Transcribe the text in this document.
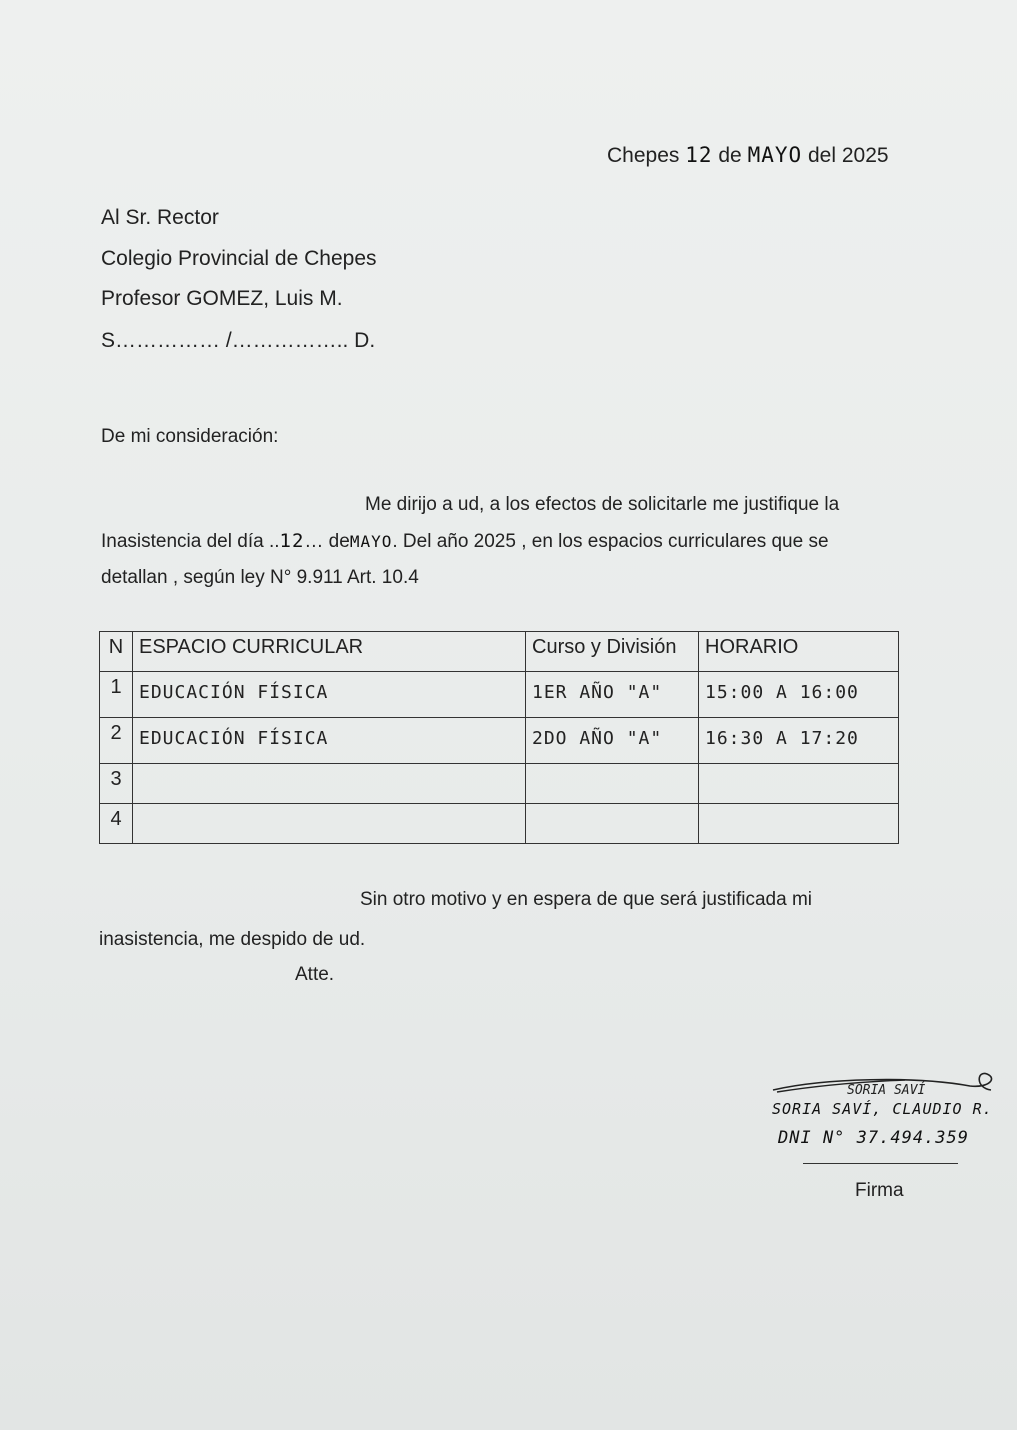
Chepes 12 de MAYO del 2025
Al Sr. Rector
Colegio Provincial de Chepes
Profesor GOMEZ, Luis M.
S…………… /…………….. D.
De mi consideración:
Me dirijo a ud, a los efectos de solicitarle me justifique la
Inasistencia del día ..12… deMAYO. Del año 2025 , en los espacios curriculares que se
detallan , según ley N° 9.911 Art. 10.4
N	ESPACIO CURRICULAR	Curso y División	HORARIO
1	EDUCACIÓN FÍSICA	1ER AÑO "A"	15:00 A 16:00
2	EDUCACIÓN FÍSICA	2DO AÑO "A"	16:30 A 17:20
3			
4			
Sin otro motivo y en espera de que será justificada mi
inasistencia, me despido de ud.
Atte.
SORIA SAVÍ
SORIA SAVÍ, CLAUDIO R.
DNI N° 37.494.359
Firma
